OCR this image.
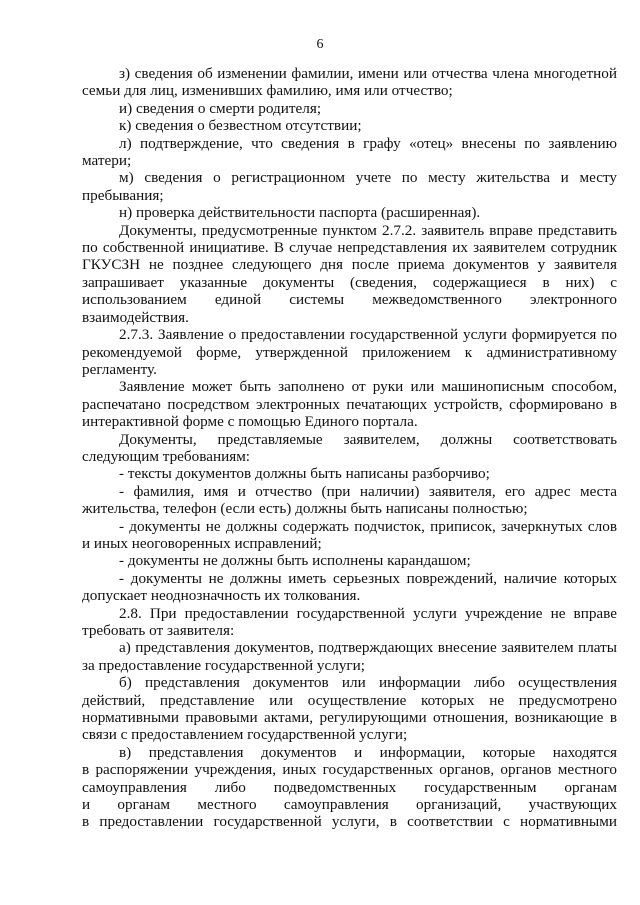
6

з) сведения об изменении фамилии, имени или отчества члена многодетной семьи для лиц, изменивших фамилию, имя или отчество;

и) сведения о смерти родителя;

к) сведения о безвестном отсутствии;

л) подтверждение, что сведения в графу «отец» внесены по заявлению матери;

м) сведения о регистрационном учете по месту жительства и месту пребывания;

н) проверка действительности паспорта (расширенная).

Документы, предусмотренные пунктом 2.7.2. заявитель вправе представить по собственной инициативе. В случае непредставления их заявителем сотрудник ГКУСЗН не позднее следующего дня после приема документов у заявителя запрашивает указанные документы (сведения, содержащиеся в них) с использованием единой системы межведомственного электронного взаимодействия.

2.7.3. Заявление о предоставлении государственной услуги формируется по рекомендуемой форме, утвержденной приложением к административному регламенту.

Заявление может быть заполнено от руки или машинописным способом, распечатано посредством электронных печатающих устройств, сформировано в интерактивной форме с помощью Единого портала.

Документы, представляемые заявителем, должны соответствовать следующим требованиям:

- тексты документов должны быть написаны разборчиво;

- фамилия, имя и отчество (при наличии) заявителя, его адрес места жительства, телефон (если есть) должны быть написаны полностью;

- документы не должны содержать подчисток, приписок, зачеркнутых слов и иных неоговоренных исправлений;

- документы не должны быть исполнены карандашом;

- документы не должны иметь серьезных повреждений, наличие которых допускает неоднозначность их толкования.

2.8. При предоставлении государственной услуги учреждение не вправе требовать от заявителя:

а) представления документов, подтверждающих внесение заявителем платы за предоставление государственной услуги;

б) представления документов или информации либо осуществления действий, представление или осуществление которых не предусмотрено нормативными правовыми актами, регулирующими отношения, возникающие в связи с предоставлением государственной услуги;

в) представления документов и информации, которые находятся
в распоряжении учреждения, иных государственных органов, органов местного
самоуправления либо подведомственных государственным органам
и органам местного самоуправления организаций, участвующих
в предоставлении государственной услуги, в соответствии с нормативными
